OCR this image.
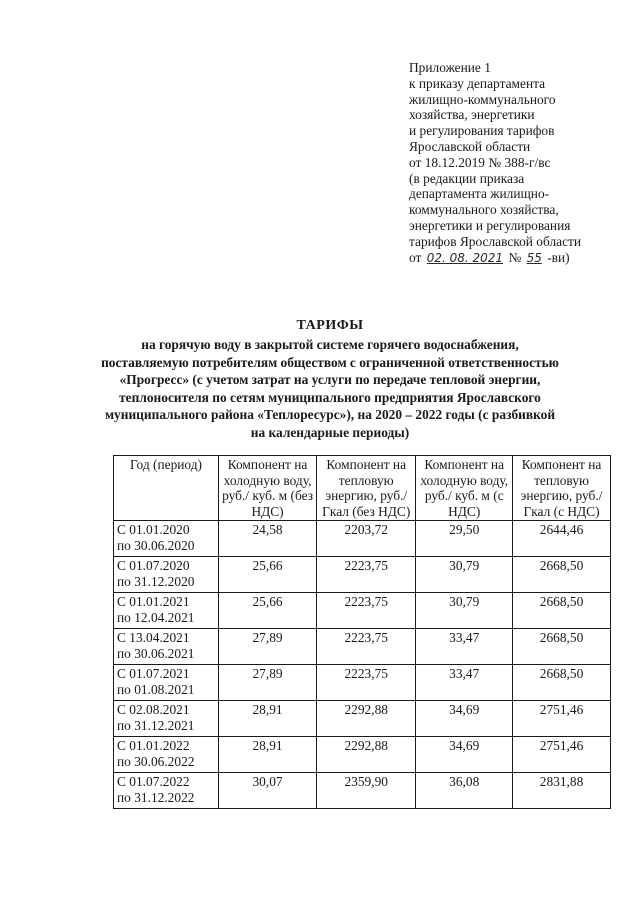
Приложение 1
к приказу департамента
жилищно-коммунального
хозяйства, энергетики
и регулирования тарифов
Ярославской области
от 18.12.2019 № 388-г/вс
(в редакции приказа
департамента жилищно-
коммунального хозяйства,
энергетики и регулирования
тарифов Ярославской области
от 02. 08. 2021 № 55 -ви)
ТАРИФЫ
на горячую воду в закрытой системе горячего водоснабжения, поставляемую потребителям обществом с ограниченной ответственностью «Прогресс» (с учетом затрат на услуги по передаче тепловой энергии, теплоносителя по сетям муниципального предприятия Ярославского муниципального района «Теплоресурс»), на 2020 – 2022 годы (с разбивкой на календарные периоды)
Год (период)	Компонент на холодную воду, руб./ куб. м (без НДС)	Компонент на тепловую энергию, руб./Гкал (без НДС)	Компонент на холодную воду, руб./ куб. м (с НДС)	Компонент на тепловую энергию, руб./Гкал (с НДС)

С 01.01.2020
по 30.06.2020	24,58	2203,72	29,50	2644,46

С 01.07.2020
по 31.12.2020	25,66	2223,75	30,79	2668,50

С 01.01.2021
по 12.04.2021	25,66	2223,75	30,79	2668,50

С 13.04.2021
по 30.06.2021	27,89	2223,75	33,47	2668,50

С 01.07.2021
по 01.08.2021	27,89	2223,75	33,47	2668,50

С 02.08.2021
по 31.12.2021	28,91	2292,88	34,69	2751,46

С 01.01.2022
по 30.06.2022	28,91	2292,88	34,69	2751,46

С 01.07.2022
по 31.12.2022	30,07	2359,90	36,08	2831,88
